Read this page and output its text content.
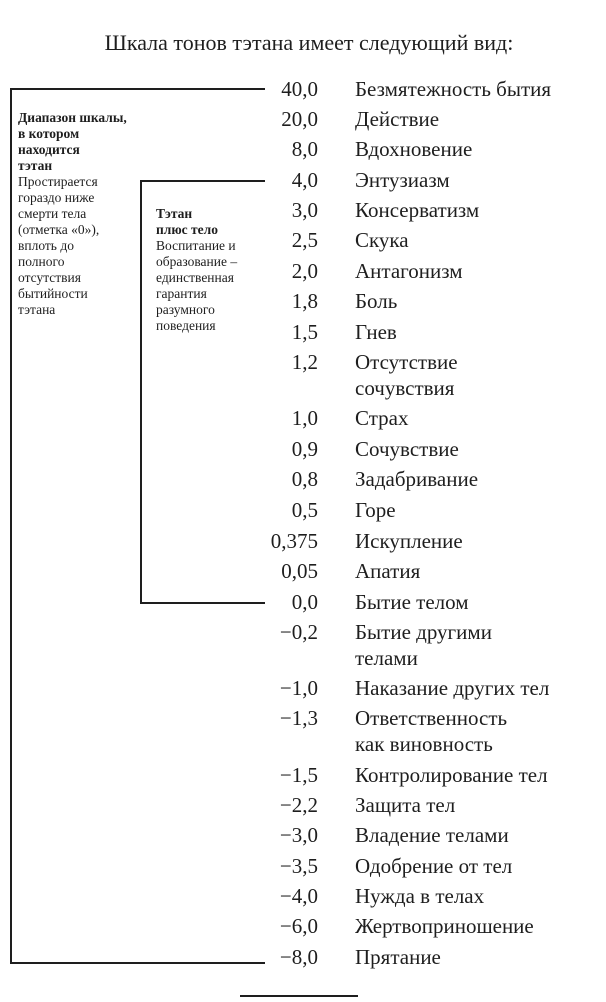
Шкала тонов тэтана имеет следующий вид:
40,0 Безмятежность бытия
20,0 Действие
8,0 Вдохновение
4,0 Энтузиазм
3,0 Консерватизм
2,5 Скука
2,0 Антагонизм
1,8 Боль
1,5 Гнев
1,2 Отсутствие
сочувствия
1,0 Страх
0,9 Сочувствие
0,8 Задабривание
0,5 Горе
0,375 Искупление
0,05 Апатия
0,0 Бытие телом
−0,2 Бытие другими
телами
−1,0 Наказание других тел
−1,3 Ответственность
как виновность
−1,5 Контролирование тел
−2,2 Защита тел
−3,0 Владение телами
−3,5 Одобрение от тел
−4,0 Нужда в телах
−6,0 Жертвоприношение
−8,0 Прятание
Диапазон шкалы,
в котором
находится
тэтан
Простирается
гораздо ниже
смерти тела
(отметка «0»),
вплоть до
полного
отсутствия
бытийности
тэтана
Тэтан
плюс тело
Воспитание и
образование –
единственная
гарантия
разумного
поведения
